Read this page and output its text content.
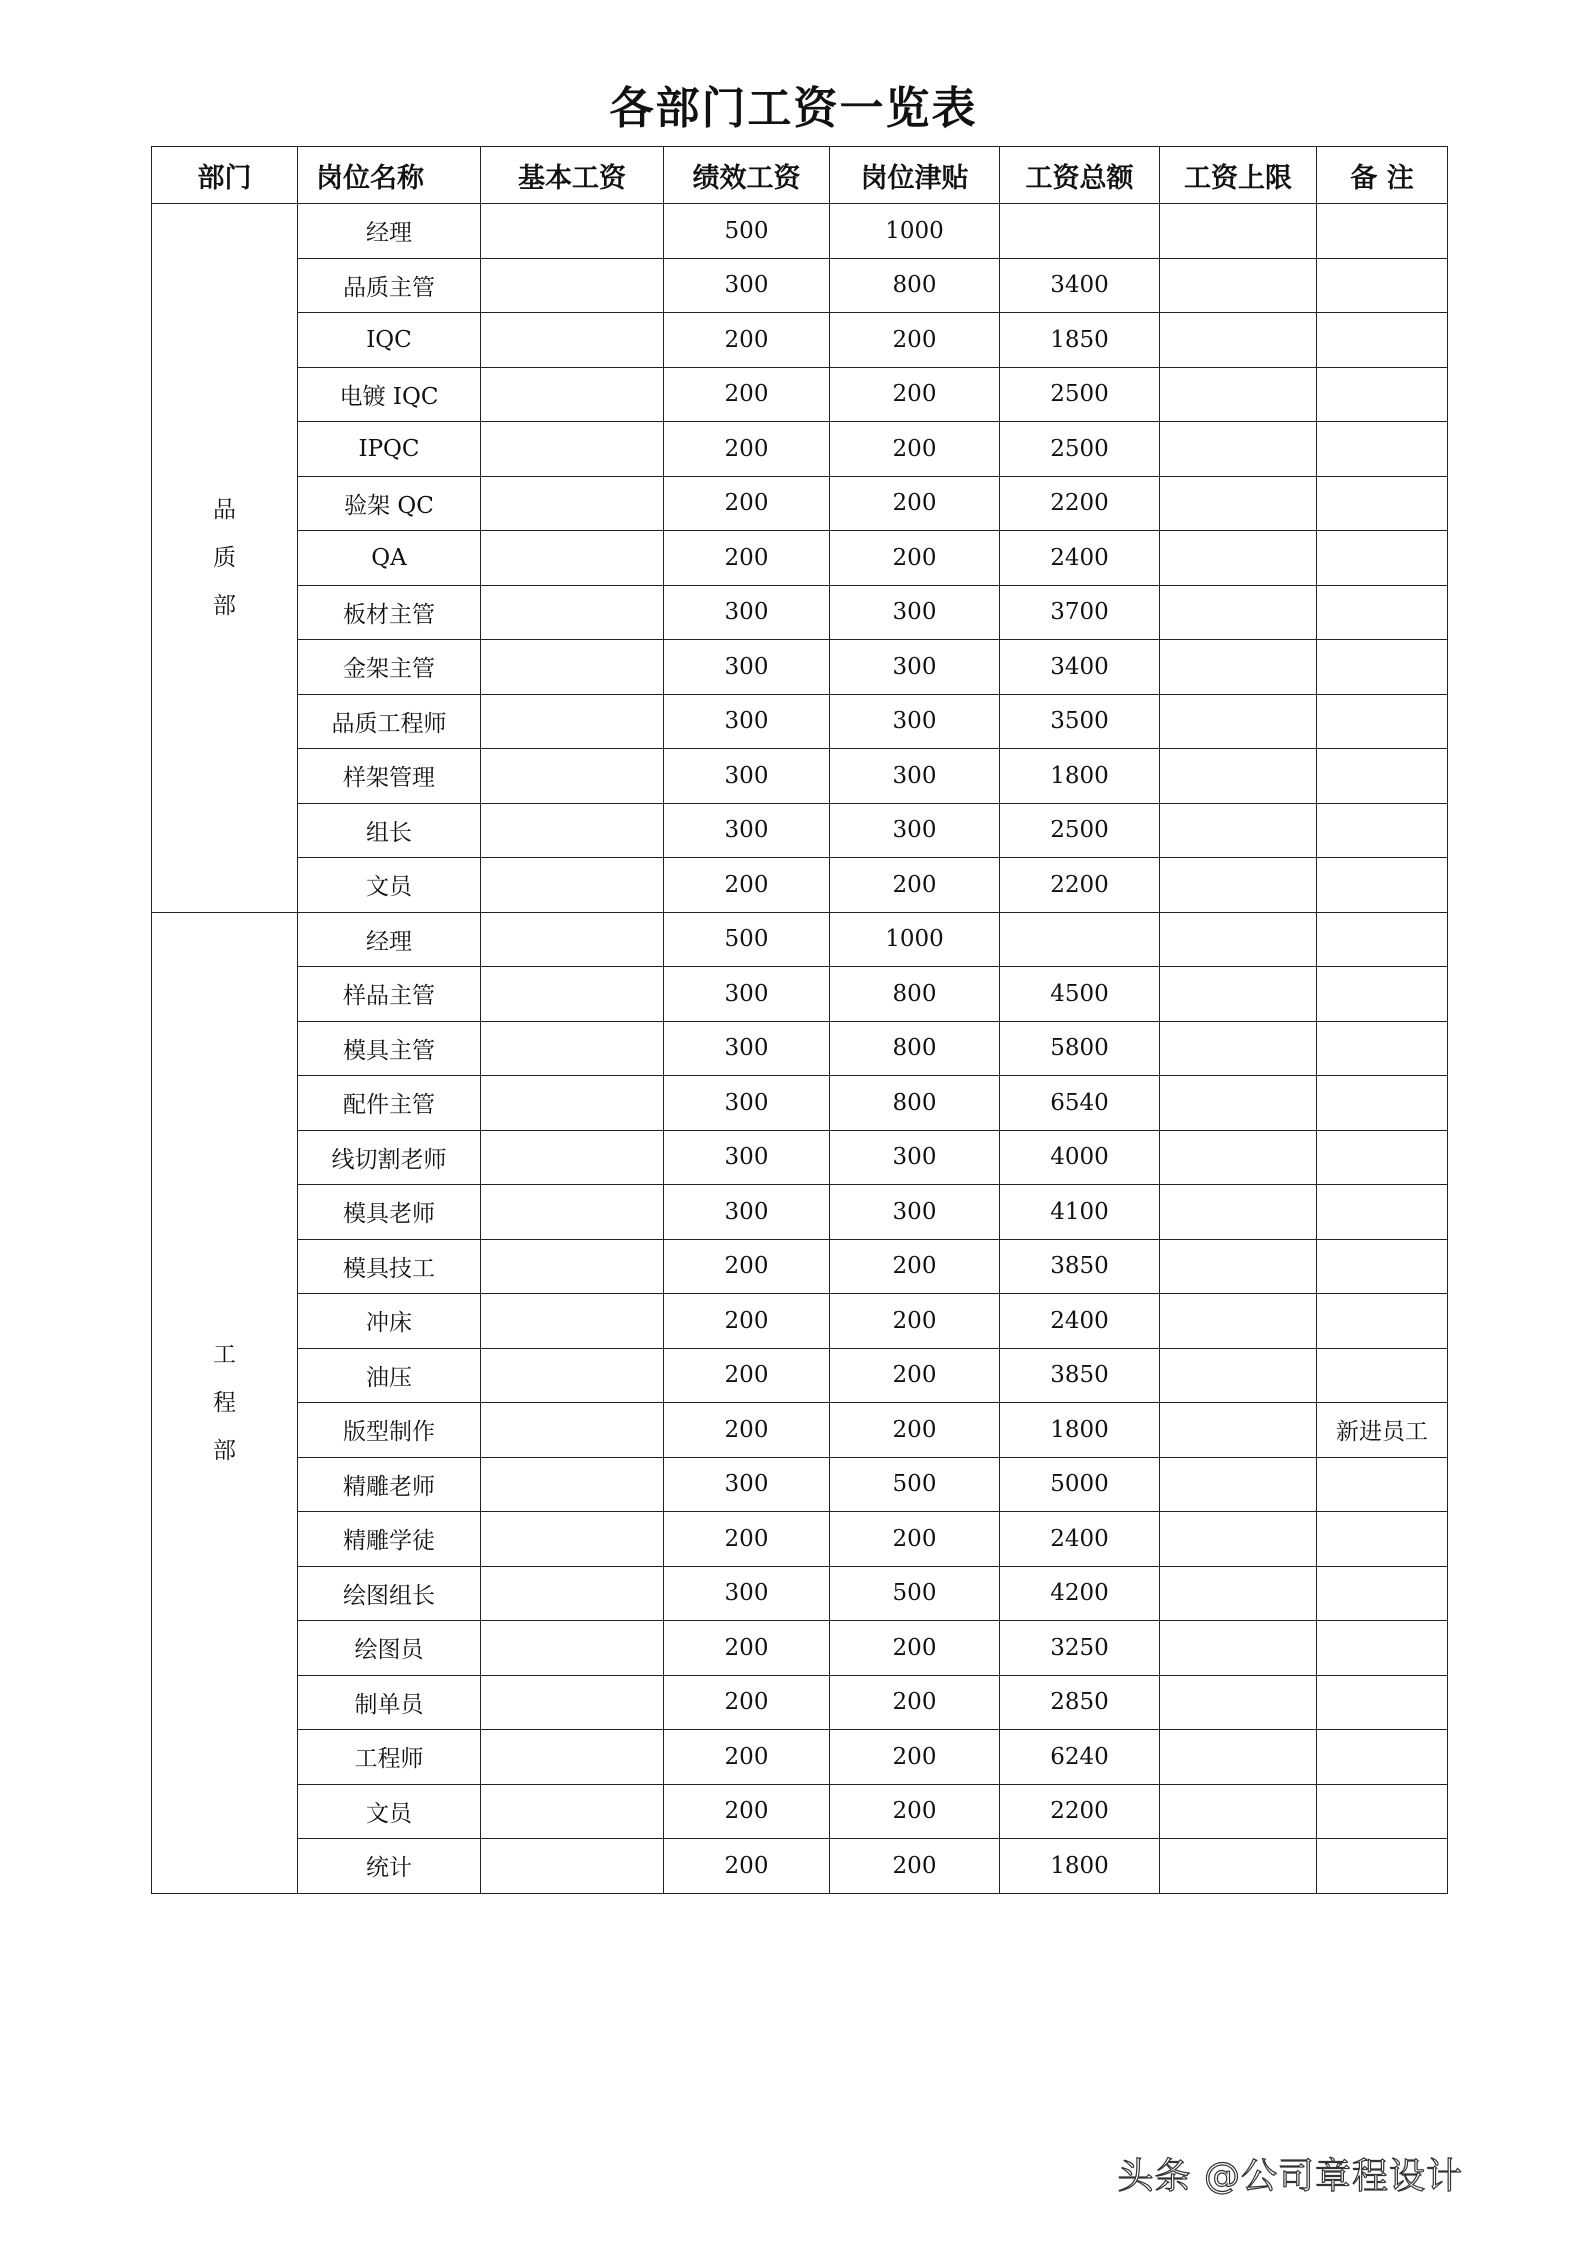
各部门工资一览表
部门	岗位名称	基本工资	绩效工资	岗位津贴	工资总额	工资上限	备 注
品质部	经理		500	1000			
	品质主管		300	800	3400		
	IQC		200	200	1850		
	电镀 IQC		200	200	2500		
	IPQC		200	200	2500		
	验架 QC		200	200	2200		
	QA		200	200	2400		
	板材主管		300	300	3700		
	金架主管		300	300	3400		
	品质工程师		300	300	3500		
	样架管理		300	300	1800		
	组长		300	300	2500		
	文员		200	200	2200		
工程部	经理		500	1000			
	样品主管		300	800	4500		
	模具主管		300	800	5800		
	配件主管		300	800	6540		
	线切割老师		300	300	4000		
	模具老师		300	300	4100		
	模具技工		200	200	3850		
	冲床		200	200	2400		
	油压		200	200	3850		
	版型制作		200	200	1800		新进员工
	精雕老师		300	500	5000		
	精雕学徒		200	200	2400		
	绘图组长		300	500	4200		
	绘图员		200	200	3250		
	制单员		200	200	2850		
	工程师		200	200	6240		
	文员		200	200	2200		
	统计		200	200	1800		
头条 @公司章程设计
